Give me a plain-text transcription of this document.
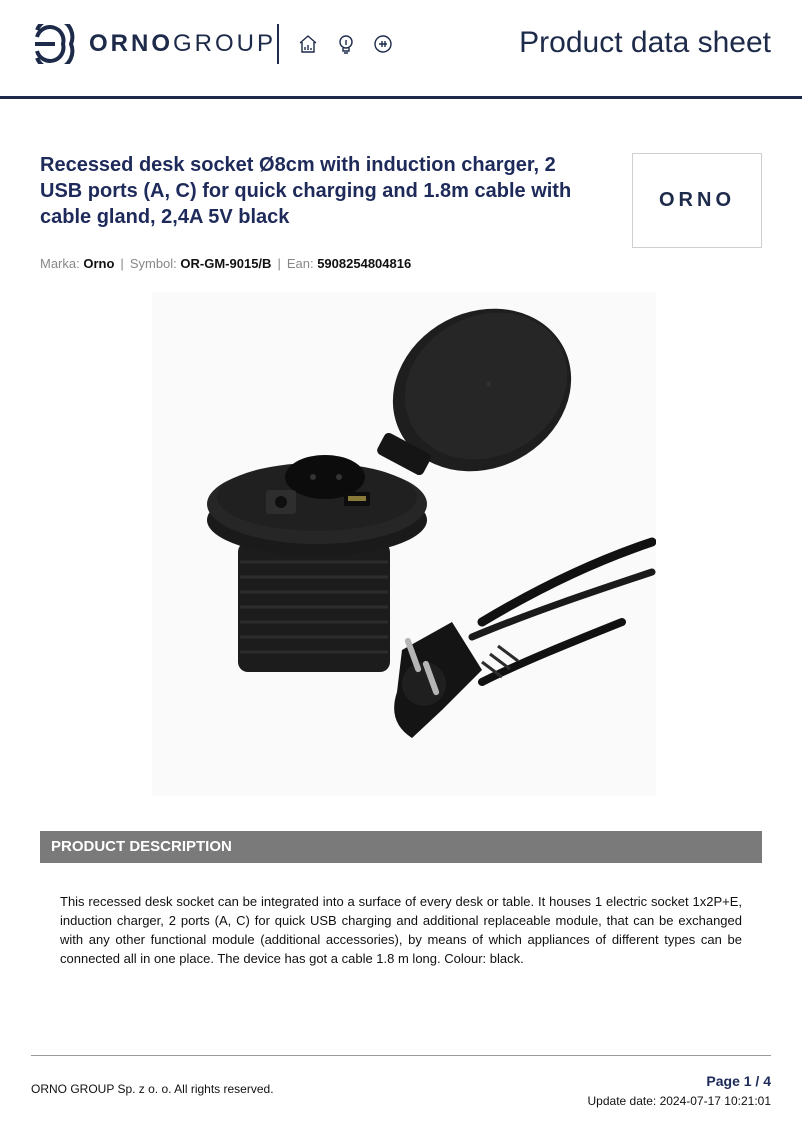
ORNOGROUP	Product data sheet
Recessed desk socket Ø8cm with induction charger, 2 USB ports (A, C) for quick charging and 1.8m cable with cable gland, 2,4A 5V black
ORNO
Marka: Orno | Symbol: OR-GM-9015/B | Ean: 5908254804816
×
PRODUCT DESCRIPTION

This recessed desk socket can be integrated into a surface of every desk or table. It houses 1 electric socket 1x2P+E, induction charger, 2 ports (A, C) for quick USB charging and additional replaceable module, that can be exchanged with any other functional module (additional accessories), by means of which appliances of different types can be connected all in one place. The device has got a cable 1.8 m long. Colour: black.

ORNO GROUP Sp. z o. o. All rights reserved.	Page 1 / 4
Update date: 2024-07-17 10:21:01
